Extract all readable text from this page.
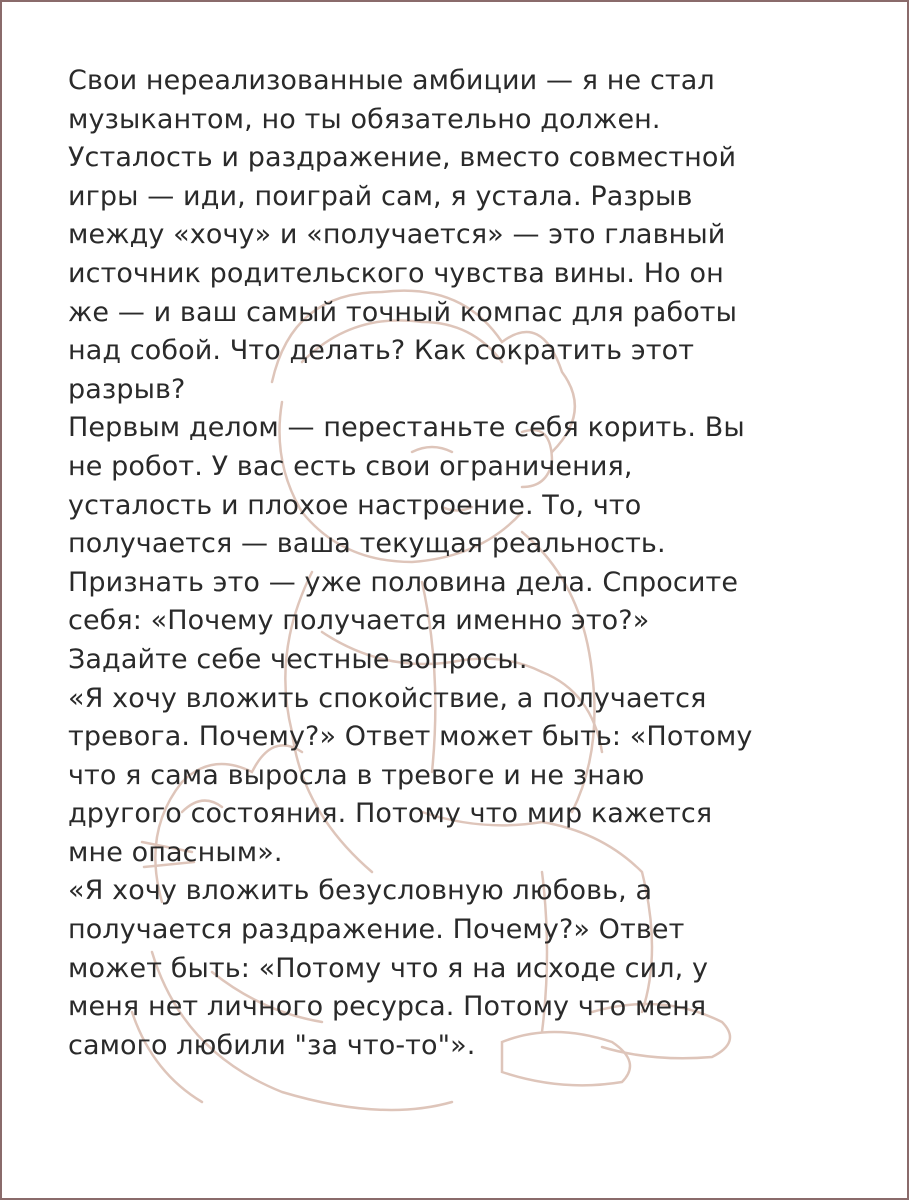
Свои нереализованные амбиции — я не стал
музыкантом, но ты обязательно должен.
Усталость и раздражение, вместо совместной
игры — иди, поиграй сам, я устала. Разрыв
между «хочу» и «получается» — это главный
источник родительского чувства вины. Но он
же — и ваш самый точный компас для работы
над собой. Что делать? Как сократить этот
разрыв?

Первым делом — перестаньте себя корить. Вы
не робот. У вас есть свои ограничения,
усталость и плохое настроение. То, что
получается — ваша текущая реальность.
Признать это — уже половина дела. Спросите
себя: «Почему получается именно это?»

Задайте себе честные вопросы.

«Я хочу вложить спокойствие, а получается
тревога. Почему?» Ответ может быть: «Потому
что я сама выросла в тревоге и не знаю
другого состояния. Потому что мир кажется
мне опасным».

«Я хочу вложить безусловную любовь, а
получается раздражение. Почему?» Ответ
может быть: «Потому что я на исходе сил, у
меня нет личного ресурса. Потому что меня
самого любили "за что-то"».
